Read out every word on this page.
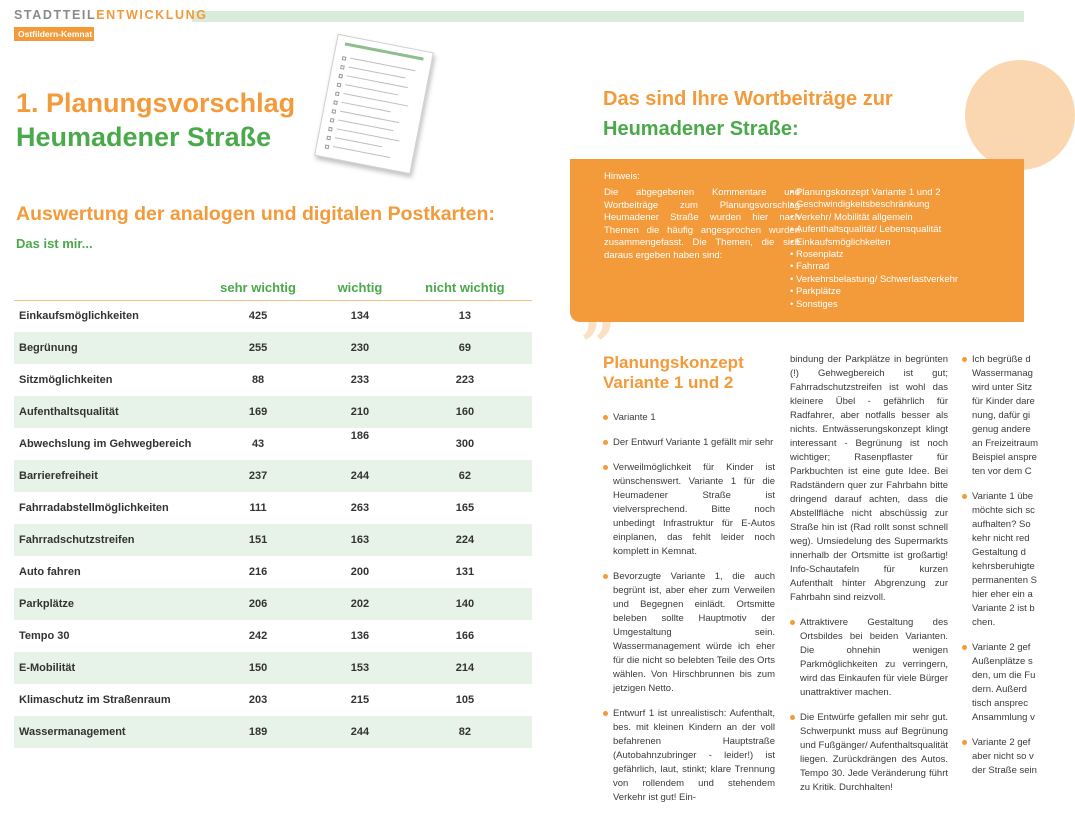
STADTTEILENTWICKLUNG
Ostfildern-Kemnat
1. Planungsvorschlag
Heumadener Straße
Auswertung der analogen und digitalen Postkarten:
Das ist mir...
	sehr wichtig	wichtig	nicht wichtig
Einkaufsmöglichkeiten	425	134	13
Begrünung	255	230	69
Sitzmöglichkeiten	88	233	223
Aufenthaltsqualität	169	210	160
Abwechslung im Gehwegbereich	43	186	300
Barrierefreiheit	237	244	62
Fahrradabstellmöglichkeiten	111	263	165
Fahrradschutzstreifen	151	163	224
Auto fahren	216	200	131
Parkplätze	206	202	140
Tempo 30	242	136	166
E-Mobilität	150	153	214
Klimaschutz im Straßenraum	203	215	105
Wassermanagement	189	244	82
Das sind Ihre Wortbeiträge zur
Heumadener Straße:
Hinweis:
Die abgegebenen Kommentare und Wortbeiträge zum Planungsvorschlag Heumadener Straße wurden hier nach Themen die häufig angesprochen wurden zusammengefasst. Die Themen, die sich daraus ergeben haben sind:
• Planungskonzept Variante 1 und 2
• Geschwindigkeitsbeschränkung
• Verkehr/ Mobilität allgemein
• Aufenthaltsqualität/ Lebensqualität
• Einkaufsmöglichkeiten
• Rosenplatz
• Fahrrad
• Verkehrsbelastung/ Schwerlastverkehr
• Parkplätze
• Sonstiges
”
Planungskonzept
Variante 1 und 2
Variante 1
Der Entwurf Variante 1 gefällt mir sehr
Verweilmöglichkeit für Kinder ist wünschenswert. Variante 1 für die Heumadener Straße ist vielversprechend. Bitte noch unbedingt Infrastruktur für E-Autos einplanen, das fehlt leider noch komplett in Kemnat.
Bevorzugte Variante 1, die auch begrünt ist, aber eher zum Verweilen und Begegnen einlädt. Ortsmitte beleben sollte Hauptmotiv der Umgestaltung sein. Wassermanagement würde ich eher für die nicht so belebten Teile des Orts wählen. Von Hirschbrunnen bis zum jetzigen Netto.
Entwurf 1 ist unrealistisch: Aufenthalt, bes. mit kleinen Kindern an der voll befahrenen Hauptstraße (Autobahnzubringer - leider!) ist gefährlich, laut, stinkt; klare Trennung von rollendem und stehendem Verkehr ist gut! Ein-
bindung der Parkplätze in begrünten (!) Gehwegbereich ist gut; Fahrradschutzstreifen ist wohl das kleinere Übel - gefährlich für Radfahrer, aber notfalls besser als nichts. Entwässerungskonzept klingt interessant - Begrünung ist noch wichtiger; Rasenpflaster für Parkbuchten ist eine gute Idee. Bei Radständern quer zur Fahrbahn bitte dringend darauf achten, dass die Abstellfläche nicht abschüssig zur Straße hin ist (Rad rollt sonst schnell weg). Umsiedelung des Supermarkts innerhalb der Ortsmitte ist großartig! Info-Schautafeln für kurzen Aufenthalt hinter Abgrenzung zur Fahrbahn sind reizvoll.
Attraktivere Gestaltung des Ortsbildes bei beiden Varianten. Die ohnehin wenigen Parkmöglichkeiten zu verringern, wird das Einkaufen für viele Bürger unattraktiver machen.
Die Entwürfe gefallen mir sehr gut. Schwerpunkt muss auf Begrünung und Fußgänger/ Aufenthaltsqualität liegen. Zurückdrängen des Autos. Tempo 30. Jede Veränderung führt zu Kritik. Durchhalten!
Ich begrüße d
Wassermanag
wird unter Sitz
für Kinder dare
nung, dafür gi
genug andere
an Freizeitraum
Beispiel anspre
ten vor dem C
Variante 1 übe
möchte sich sc
aufhalten? So
kehr nicht red
Gestaltung d
kehrsberuhigte
permanenten S
hier eher ein a
Variante 2 ist b
chen.
Variante 2 gef
Außenplätze s
den, um die Fu
dern. Außerd
tisch ansprec
Ansammlung v
Variante 2 gef
aber nicht so v
der Straße sein
